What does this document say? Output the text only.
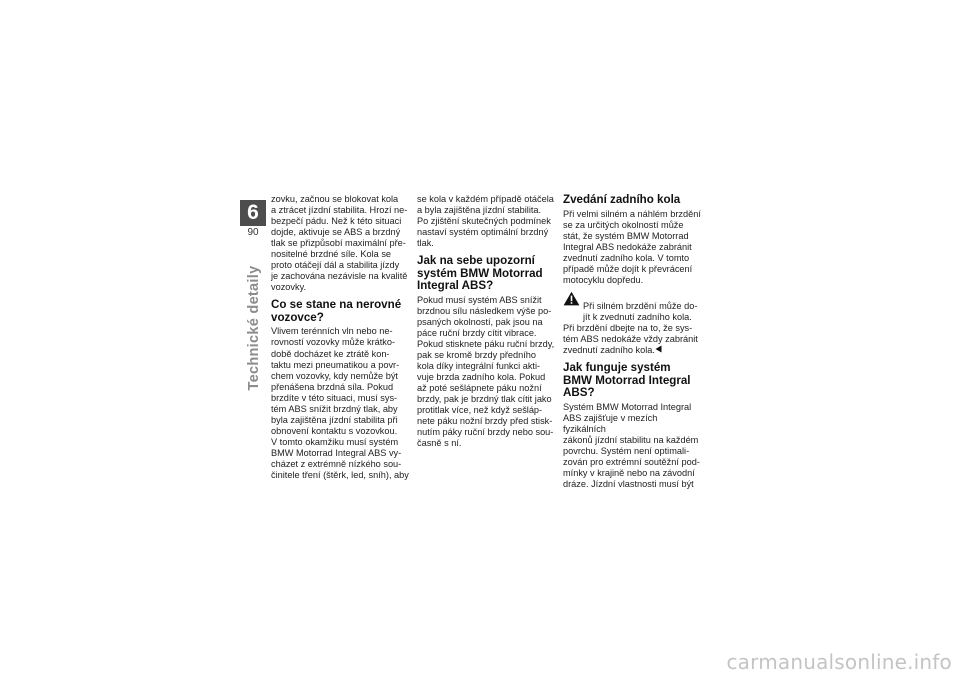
6
90
Technické detaily

zovku, začnou se blokovat kola
a ztrácet jízdní stabilita. Hrozí ne-
bezpečí pádu. Než k této situaci
dojde, aktivuje se ABS a brzdný
tlak se přizpůsobí maximální pře-
nositelné brzdné síle. Kola se
proto otáčejí dál a stabilita jízdy
je zachována nezávisle na kvalitě
vozovky.

Co se stane na nerovné
vozovce?

Vlivem terénních vln nebo ne-
rovností vozovky může krátko-
době docházet ke ztrátě kon-
taktu mezi pneumatikou a povr-
chem vozovky, kdy nemůže být
přenášena brzdná síla. Pokud
brzdíte v této situaci, musí sys-
tém ABS snížit brzdný tlak, aby
byla zajištěna jízdní stabilita při
obnovení kontaktu s vozovkou.
V tomto okamžiku musí systém
BMW Motorrad Integral ABS vy-
cházet z extrémně nízkého sou-
činitele tření (štěrk, led, sníh), aby

se kola v každém případě otáčela
a byla zajištěna jízdní stabilita.
Po zjištění skutečných podmínek
nastaví systém optimální brzdný
tlak.

Jak na sebe upozorní
systém BMW Motorrad
Integral ABS?

Pokud musí systém ABS snížit
brzdnou sílu následkem výše po-
psaných okolností, pak jsou na
páce ruční brzdy cítit vibrace.
Pokud stisknete páku ruční brzdy,
pak se kromě brzdy předního
kola díky integrální funkci akti-
vuje brzda zadního kola. Pokud
až poté sešlápnete páku nožní
brzdy, pak je brzdný tlak cítit jako
protitlak více, než když sešláp-
nete páku nožní brzdy před stisk-
nutím páky ruční brzdy nebo sou-
časně s ní.

Zvedání zadního kola

Při velmi silném a náhlém brzdění
se za určitých okolností může
stát, že systém BMW Motorrad
Integral ABS nedokáže zabránit
zvednutí zadního kola. V tomto
případě může dojít k převrácení
motocyklu dopředu.

Při silném brzdění může do-
jít k zvednutí zadního kola.
Při brzdění dbejte na to, že sys-
tém ABS nedokáže vždy zabránit
zvednutí zadního kola.

Jak funguje systém
BMW Motorrad Integral
ABS?

Systém BMW Motorrad Integral
ABS zajišťuje v mezích fyzikálních
zákonů jízdní stabilitu na každém
povrchu. Systém není optimali-
zován pro extrémní soutěžní pod-
mínky v krajině nebo na závodní
dráze. Jízdní vlastnosti musí být

carmanualsonline.info
